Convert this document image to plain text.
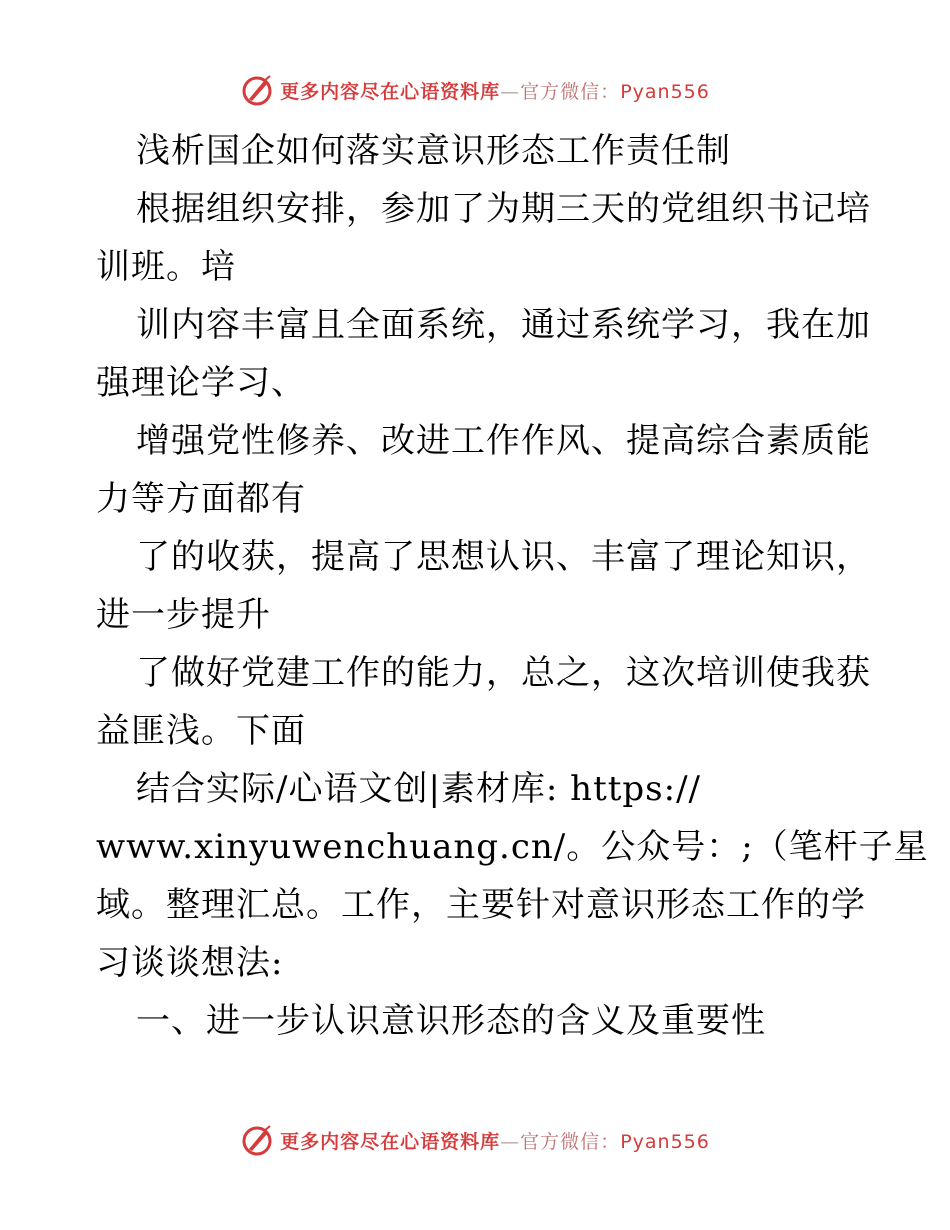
更多内容尽在心语资料库—官方微信：Pyan556
浅析国企如何落实意识形态工作责任制
根据组织安排，参加了为期三天的党组织书记培
训班。培
训内容丰富且全面系统，通过系统学习，我在加
强理论学习、
增强党性修养、改进工作作风、提高综合素质能
力等方面都有
了的收获，提高了思想认识、丰富了理论知识，
进一步提升
了做好党建工作的能力，总之，这次培训使我获
益匪浅。下面
结合实际/心语文创|素材库: https://
www.xinyuwenchuang.cn/。公众号：;（笔杆子星
域。整理汇总。工作，主要针对意识形态工作的学
习谈谈想法:
一、进一步认识意识形态的含义及重要性
更多内容尽在心语资料库—官方微信：Pyan556
